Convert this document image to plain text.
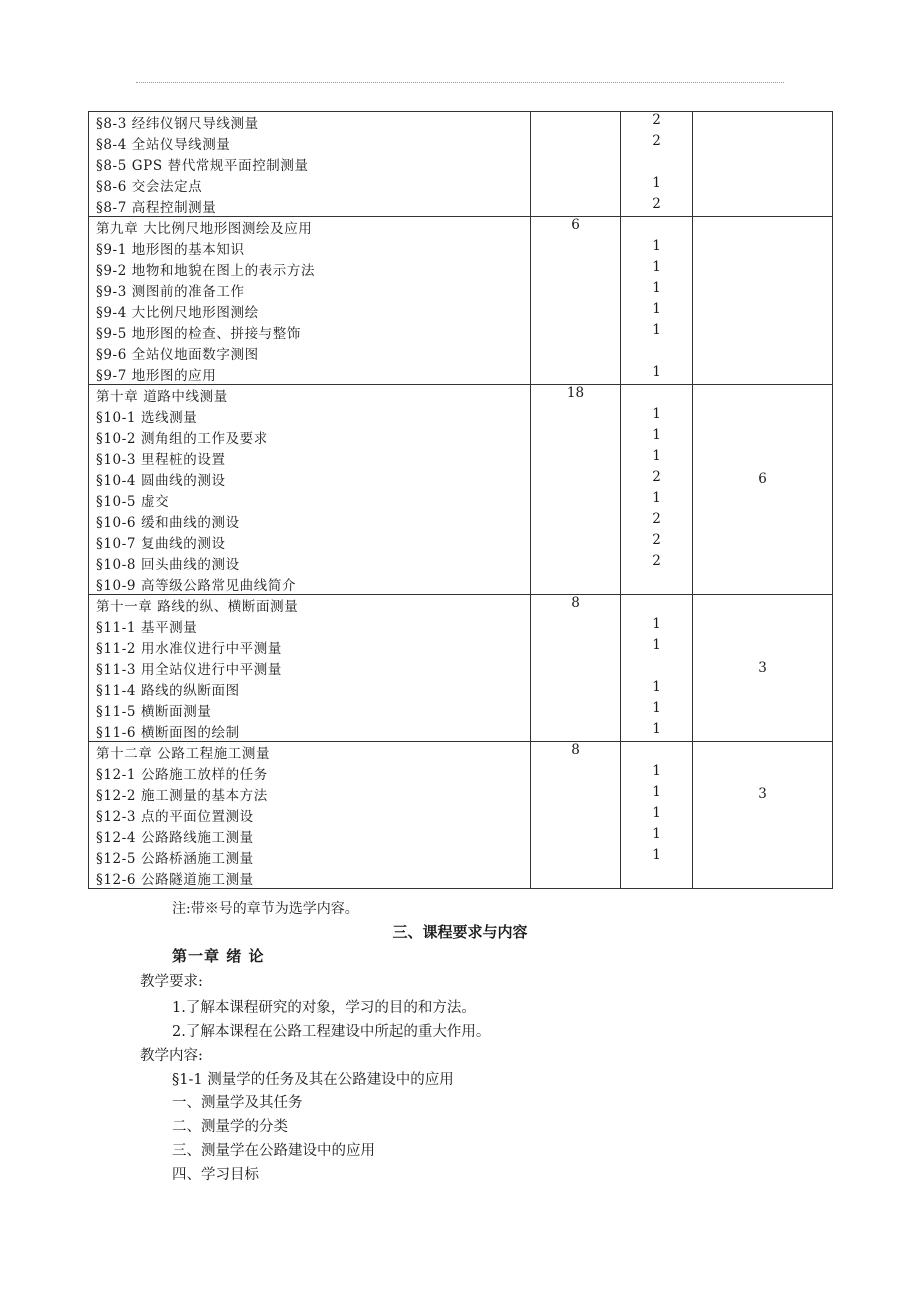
§8-3 经纬仪钢尺导线测量		2	
§8-4 全站仪导线测量		2	
§8-5 GPS 替代常规平面控制测量			
§8-6 交会法定点		1	
§8-7 高程控制测量		2	
第九章 大比例尺地形图测绘及应用	6		
§9-1 地形图的基本知识		1	
§9-2 地物和地貌在图上的表示方法		1	
§9-3 测图前的准备工作		1	
§9-4 大比例尺地形图测绘		1	
§9-5 地形图的检查、拼接与整饰		1	
§9-6 全站仪地面数字测图			
§9-7 地形图的应用		1	
第十章 道路中线测量	18		
§10-1 选线测量		1	
§10-2 测角组的工作及要求		1	
§10-3 里程桩的设置		1	
§10-4 圆曲线的测设		2	6
§10-5 虚交		1	
§10-6 缓和曲线的测设		2	
§10-7 复曲线的测设		2	
§10-8 回头曲线的测设		2	
§10-9 高等级公路常见曲线简介			
第十一章 路线的纵、横断面测量	8		
§11-1 基平测量		1	
§11-2 用水准仪进行中平测量		1	
§11-3 用全站仪进行中平测量			3
§11-4 路线的纵断面图		1	
§11-5 横断面测量		1	
§11-6 横断面图的绘制		1	
第十二章 公路工程施工测量	8		
§12-1 公路施工放样的任务		1	
§12-2 施工测量的基本方法		1	3
§12-3 点的平面位置测设		1	
§12-4 公路路线施工测量		1	
§12-5 公路桥涵施工测量		1	
§12-6 公路隧道施工测量			
注:带※号的章节为选学内容。
三、课程要求与内容
第一章 绪 论
教学要求:
1.了解本课程研究的对象，学习的目的和方法。
2.了解本课程在公路工程建设中所起的重大作用。
教学内容:
§1-1 测量学的任务及其在公路建设中的应用
一、测量学及其任务
二、测量学的分类
三、测量学在公路建设中的应用
四、学习目标
